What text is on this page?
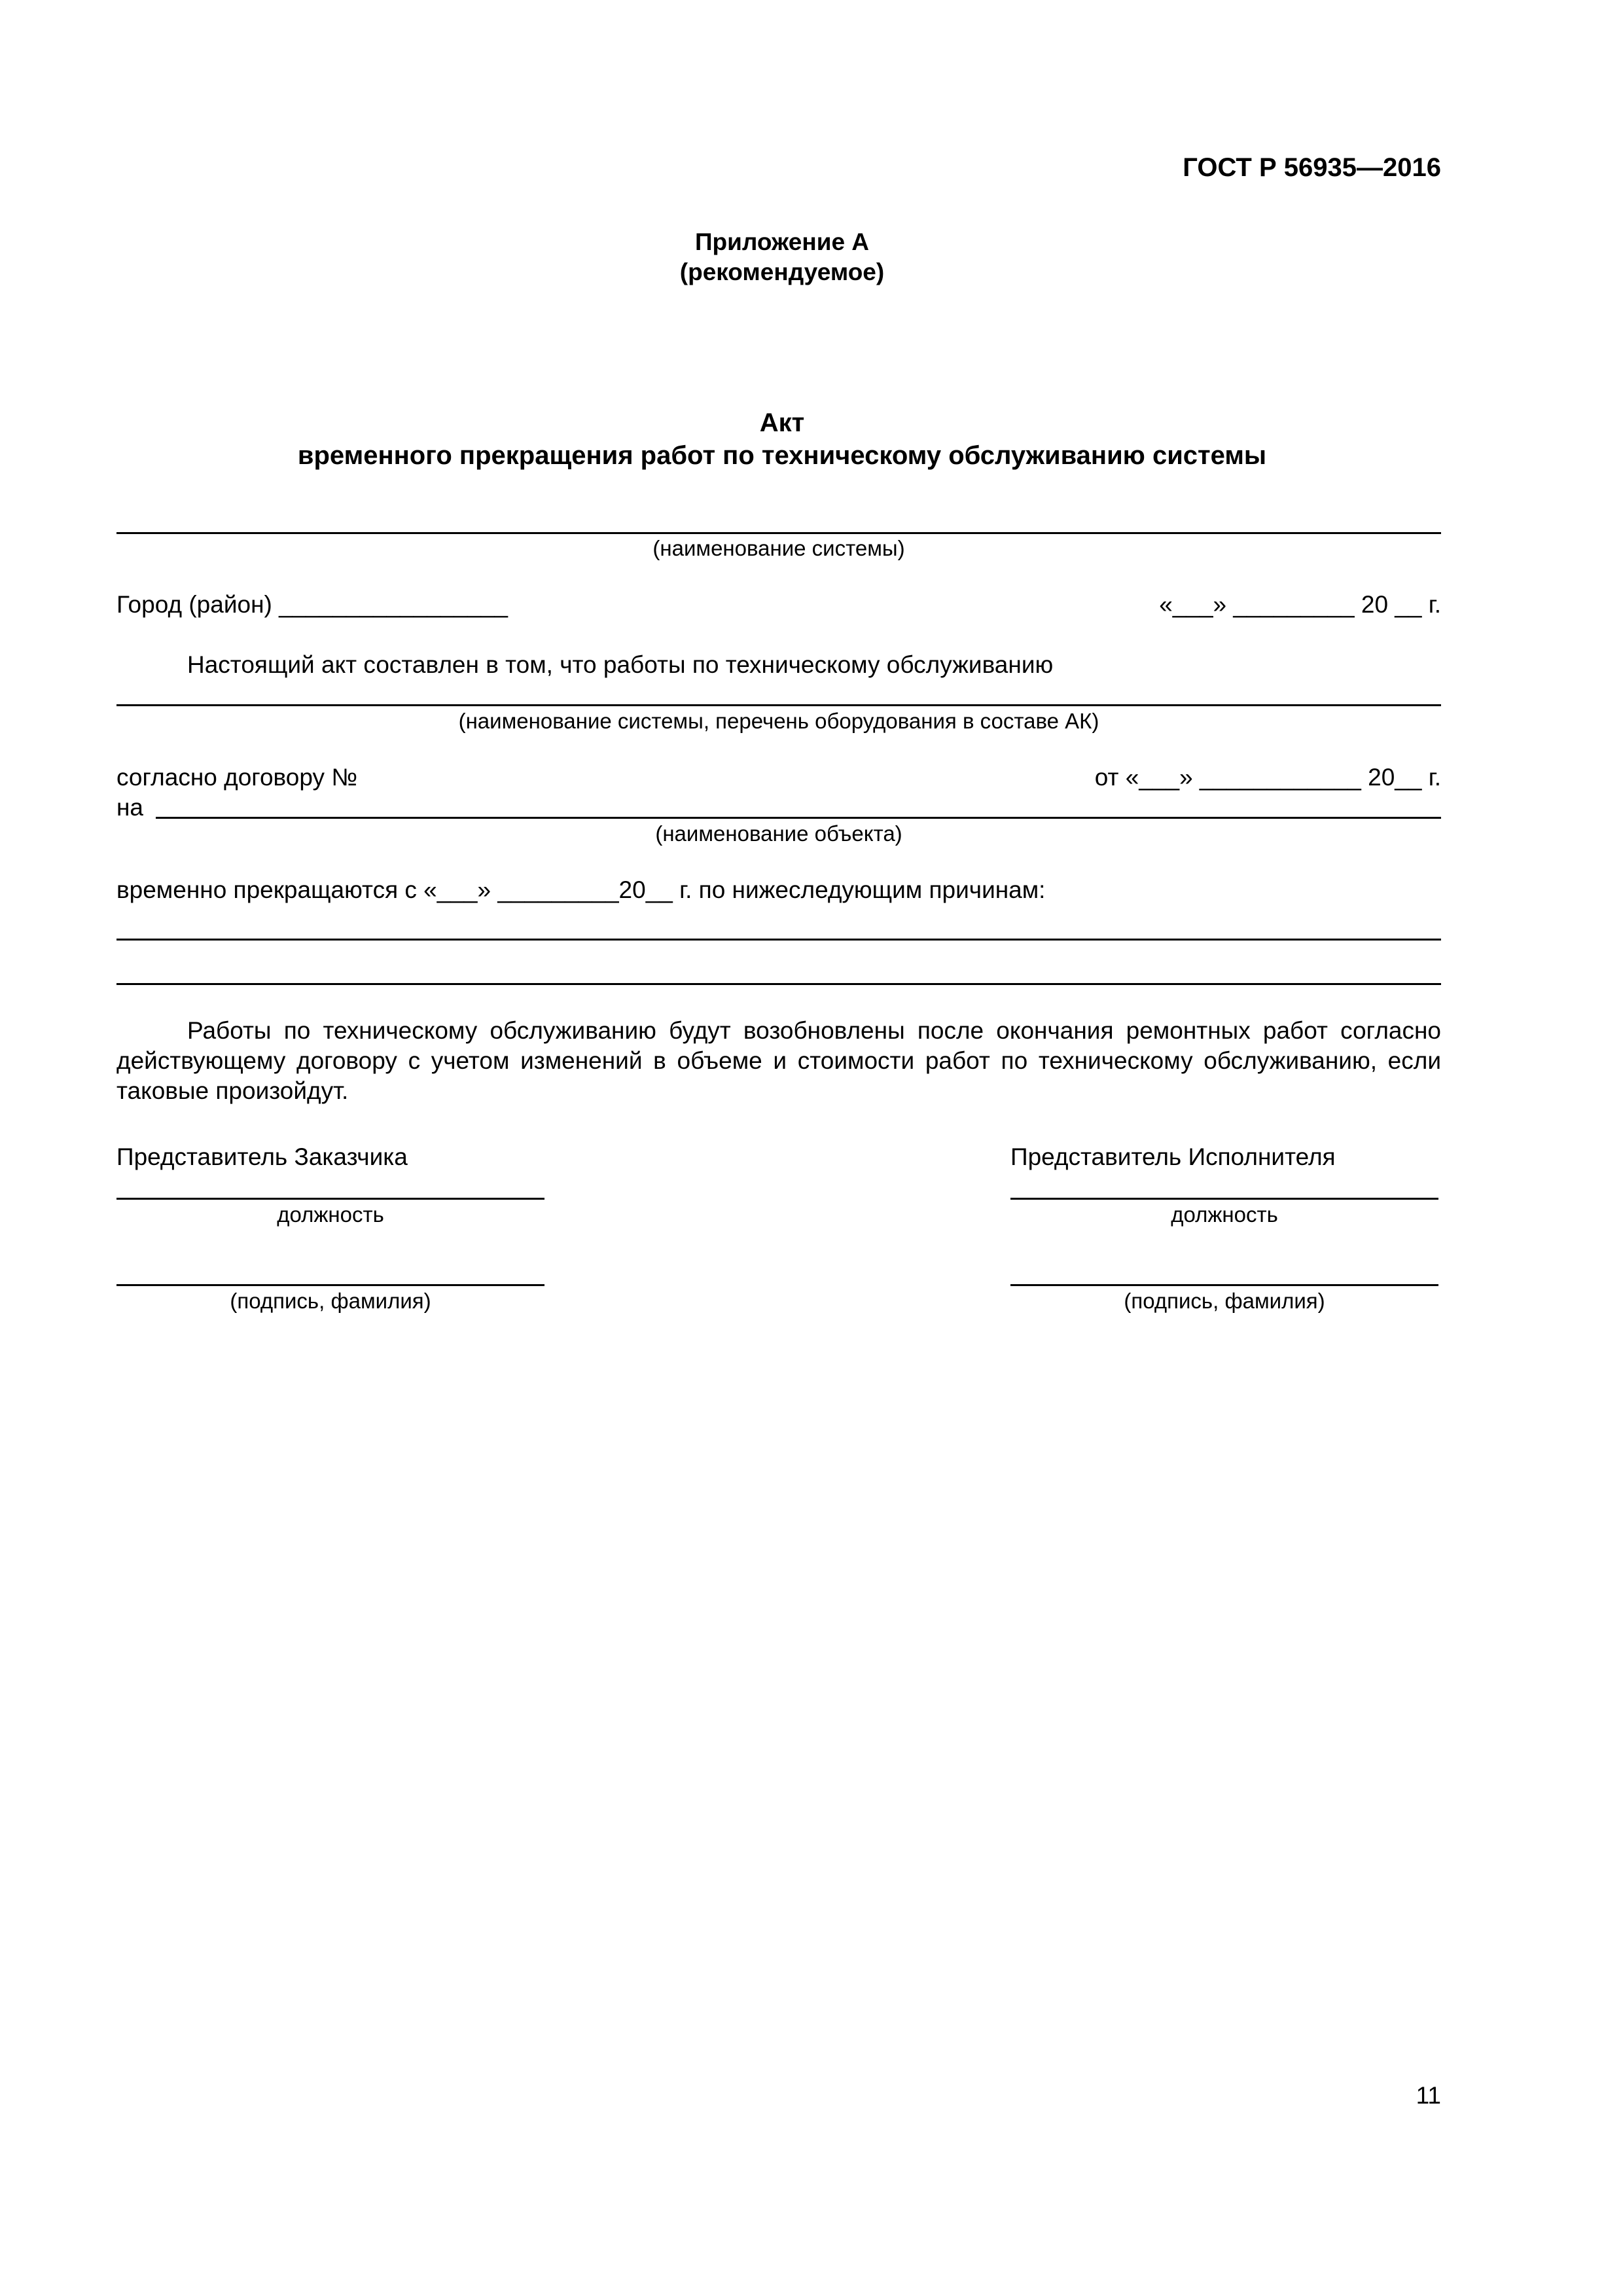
ГОСТ Р 56935—2016
Приложение А
(рекомендуемое)
Акт
временного прекращения работ по техническому обслуживанию системы
(наименование системы)
Город (район) _________________	«___» _________ 20 __ г.
Настоящий акт составлен в том, что работы по техническому обслуживанию
(наименование системы, перечень оборудования в составе АК)
согласно договору №	от «___» ____________ 20__ г.
на
(наименование объекта)
временно прекращаются с «___» _________20__ г. по нижеследующим причинам:
Работы по техническому обслуживанию будут возобновлены после окончания ремонтных работ согласно действующему договору с учетом изменений в объеме и стоимости работ по техническому обслуживанию, если таковые произойдут.
Представитель Заказчика	Представитель Исполнителя
должность	должность
(подпись, фамилия)	(подпись, фамилия)
11
